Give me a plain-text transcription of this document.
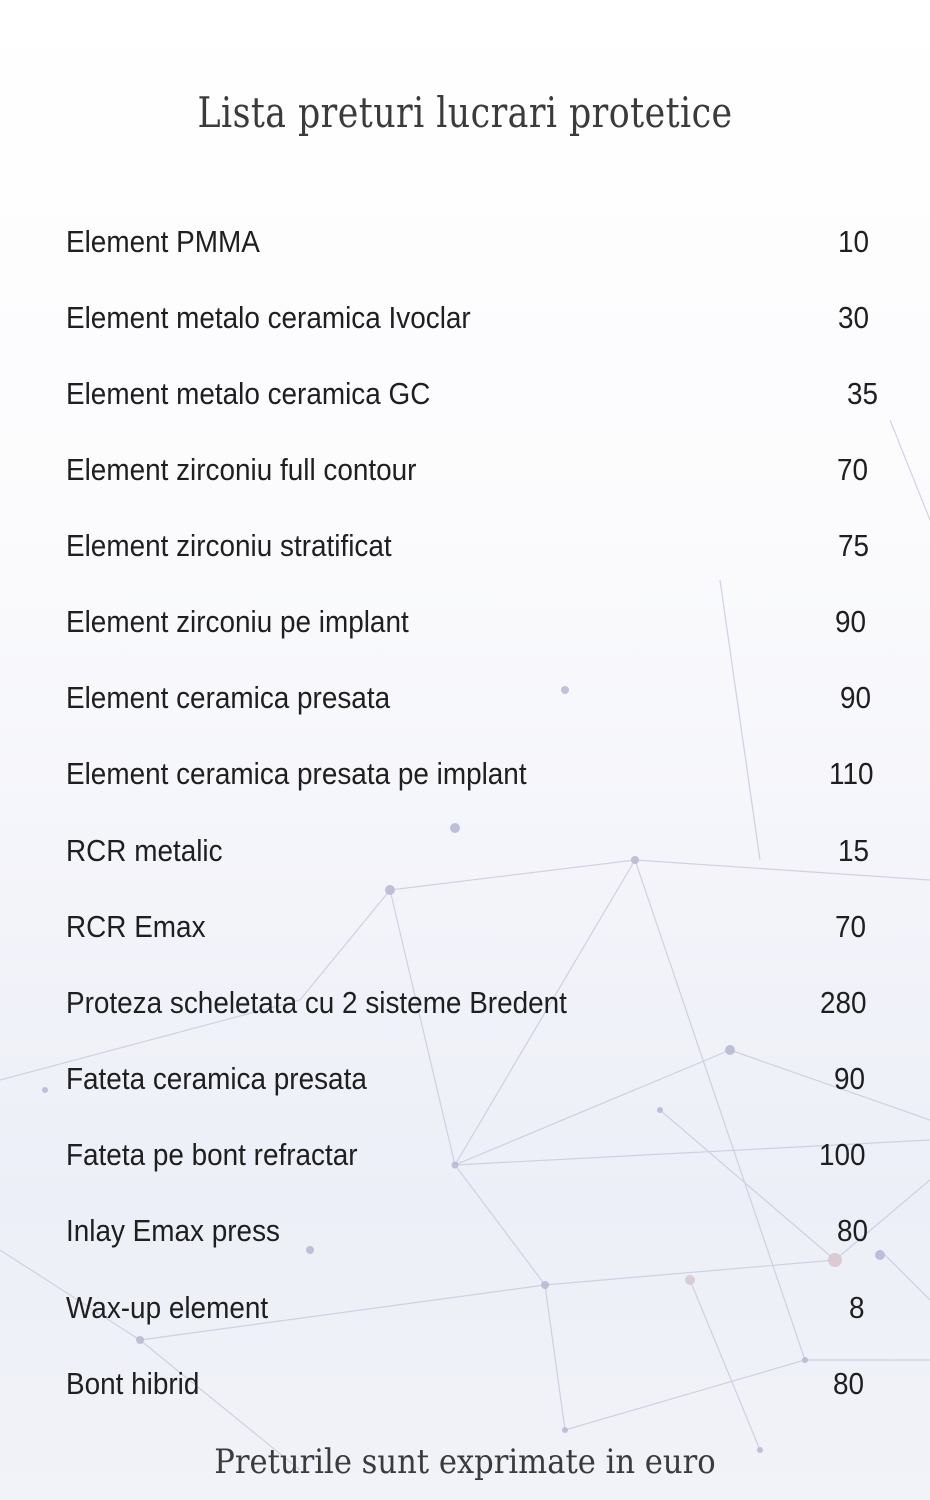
Lista preturi lucrari protetice
Element PMMA	10
Element metalo ceramica Ivoclar	30
Element metalo ceramica GC	35
Element zirconiu full contour	70
Element zirconiu stratificat	75
Element zirconiu pe implant	90
Element ceramica presata	90
Element ceramica presata pe implant	110
RCR metalic	15
RCR Emax	70
Proteza scheletata cu 2 sisteme Bredent	280
Fateta ceramica presata	90
Fateta pe bont refractar	100
Inlay Emax press	80
Wax-up element	8
Bont hibrid	80
Preturile sunt exprimate in euro
